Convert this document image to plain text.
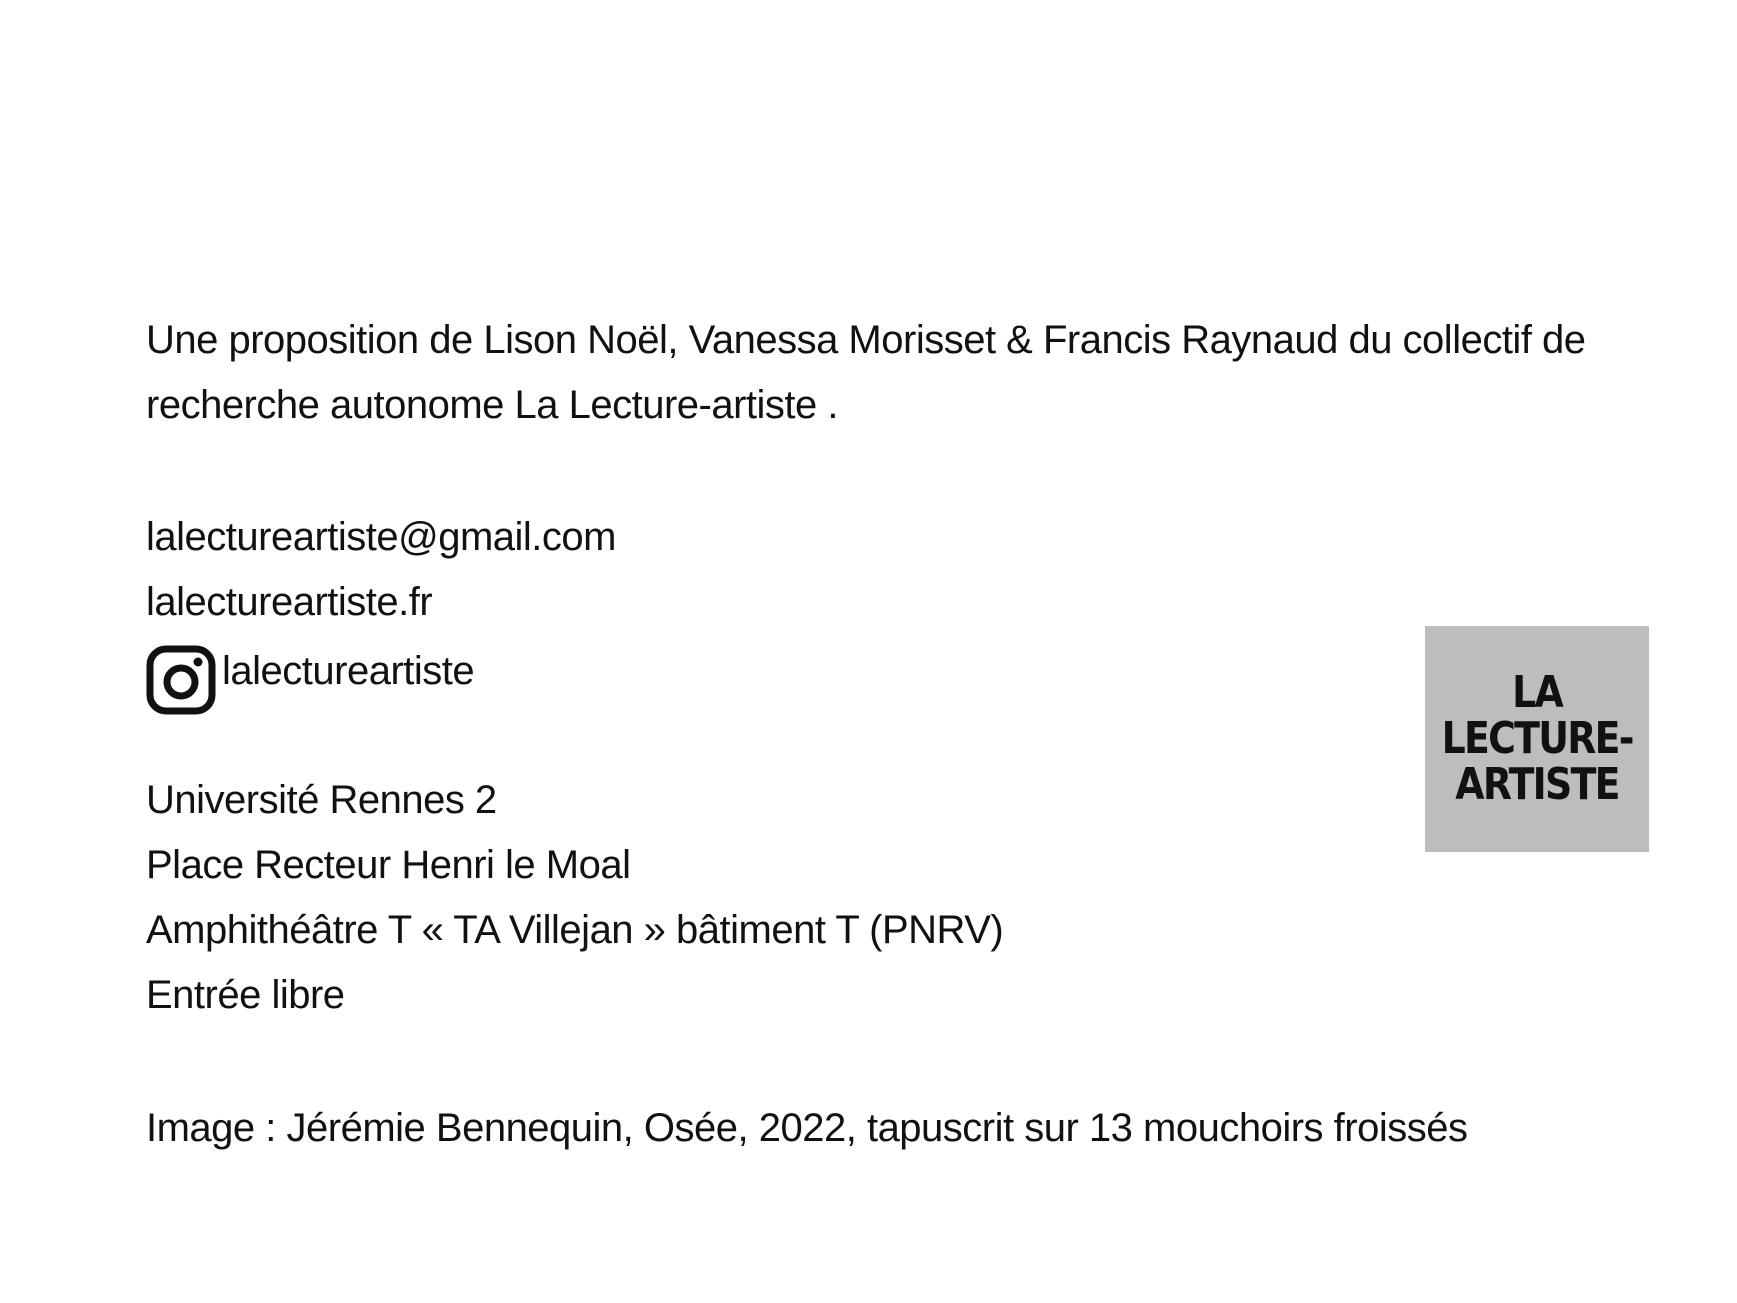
Une proposition de Lison Noël, Vanessa Morisset & Francis Raynaud du collectif de
recherche autonome La Lecture-artiste .
lalectureartiste@gmail.com
lalectureartiste.fr
lalectureartiste
Université Rennes 2
Place Recteur Henri le Moal
Amphithéâtre T « TA Villejan » bâtiment T (PNRV)
Entrée libre
Image : Jérémie Bennequin, Osée, 2022, tapuscrit sur 13 mouchoirs froissés
LA
LECTURE-
ARTISTE
